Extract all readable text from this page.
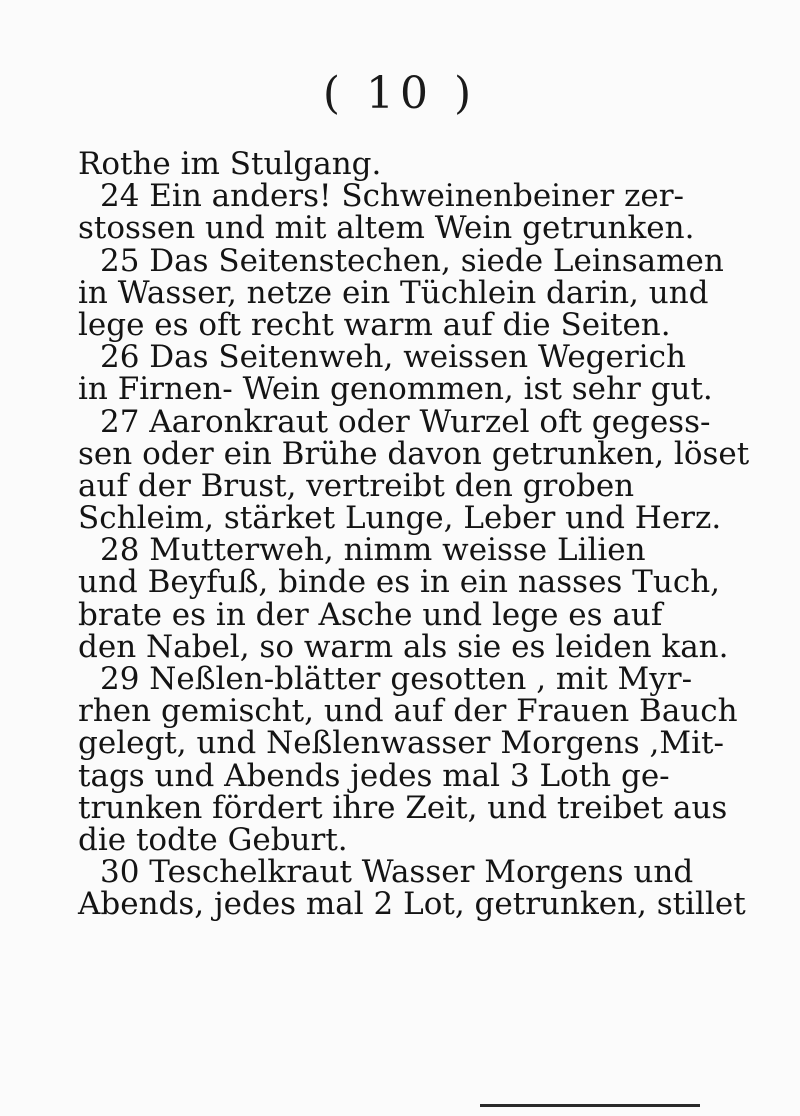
( 10 )
Rothe im Stulgang.
24 Ein anders! Schweinenbeiner zer-
stossen und mit altem Wein getrunken.
25 Das Seitenstechen, siede Leinsamen
in Wasser, netze ein Tüchlein darin, und
lege es oft recht warm auf die Seiten.
26 Das Seitenweh, weissen Wegerich
in Firnen- Wein genommen, ist sehr gut.
27 Aaronkraut oder Wurzel oft gegess-
sen oder ein Brühe davon getrunken, löset
auf der Brust, vertreibt den groben
Schleim, stärket Lunge, Leber und Herz.
28 Mutterweh, nimm weisse Lilien
und Beyfuß, binde es in ein nasses Tuch,
brate es in der Asche und lege es auf
den Nabel, so warm als sie es leiden kan.
29 Neßlen-blätter gesotten , mit Myr-
rhen gemischt, und auf der Frauen Bauch
gelegt, und Neßlenwasser Morgens ,Mit-
tags und Abends jedes mal 3 Loth ge-
trunken fördert ihre Zeit, und treibet aus
die todte Geburt.
30 Teschelkraut Wasser Morgens und
Abends, jedes mal 2 Lot, getrunken, stillet
